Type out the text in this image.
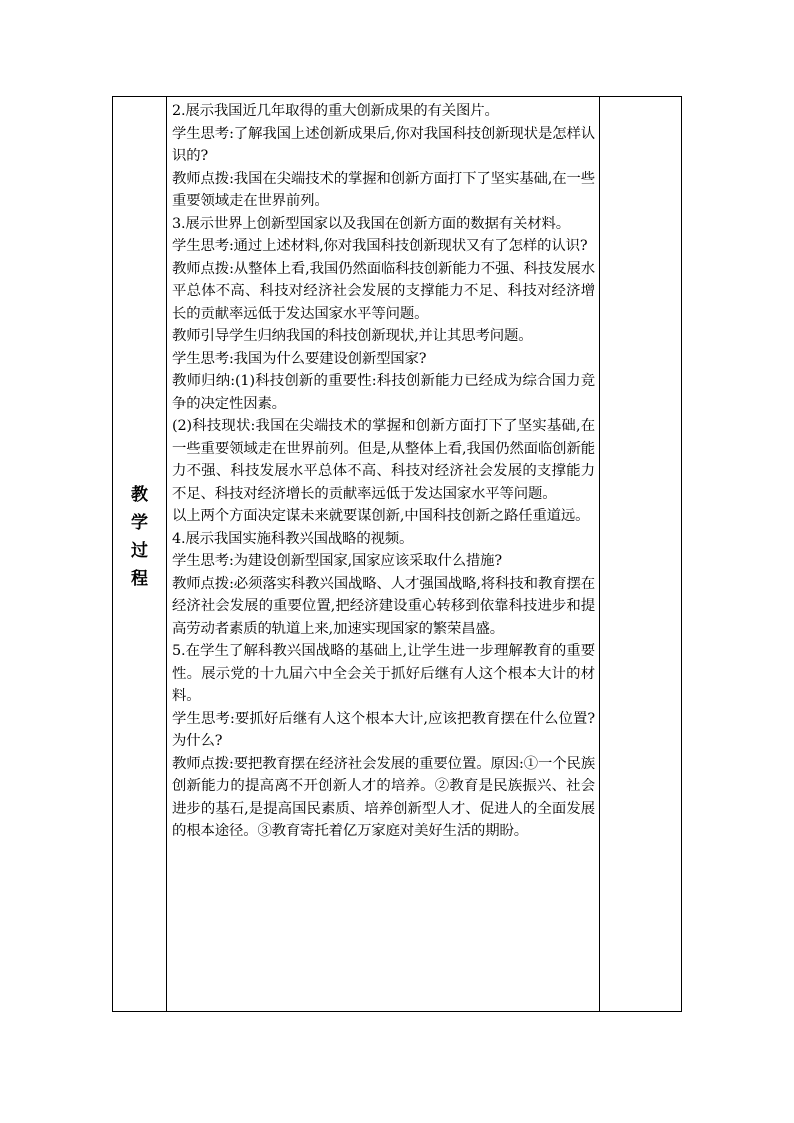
教学过程	

2.展示我国近几年取得的重大创新成果的有关图片。

学生思考:了解我国上述创新成果后,你对我国科技创新现状是怎样认识的?

教师点拨:我国在尖端技术的掌握和创新方面打下了坚实基础,在一些重要领域走在世界前列。

3.展示世界上创新型国家以及我国在创新方面的数据有关材料。

学生思考:通过上述材料,你对我国科技创新现状又有了怎样的认识?

教师点拨:从整体上看,我国仍然面临科技创新能力不强、科技发展水平总体不高、科技对经济社会发展的支撑能力不足、科技对经济增长的贡献率远低于发达国家水平等问题。

教师引导学生归纳我国的科技创新现状,并让其思考问题。

学生思考:我国为什么要建设创新型国家?

教师归纳:(1)科技创新的重要性:科技创新能力已经成为综合国力竞争的决定性因素。

(2)科技现状:我国在尖端技术的掌握和创新方面打下了坚实基础,在一些重要领域走在世界前列。但是,从整体上看,我国仍然面临创新能力不强、科技发展水平总体不高、科技对经济社会发展的支撑能力不足、科技对经济增长的贡献率远低于发达国家水平等问题。

以上两个方面决定谋未来就要谋创新,中国科技创新之路任重道远。

4.展示我国实施科教兴国战略的视频。

学生思考:为建设创新型国家,国家应该采取什么措施?

教师点拨:必须落实科教兴国战略、人才强国战略,将科技和教育摆在经济社会发展的重要位置,把经济建设重心转移到依靠科技进步和提高劳动者素质的轨道上来,加速实现国家的繁荣昌盛。

5.在学生了解科教兴国战略的基础上,让学生进一步理解教育的重要性。展示党的十九届六中全会关于抓好后继有人这个根本大计的材料。

学生思考:要抓好后继有人这个根本大计,应该把教育摆在什么位置?为什么?

教师点拨:要把教育摆在经济社会发展的重要位置。原因:①一个民族创新能力的提高离不开创新人才的培养。②教育是民族振兴、社会进步的基石,是提高国民素质、培养创新型人才、促进人的全面发展的根本途径。③教育寄托着亿万家庭对美好生活的期盼。
